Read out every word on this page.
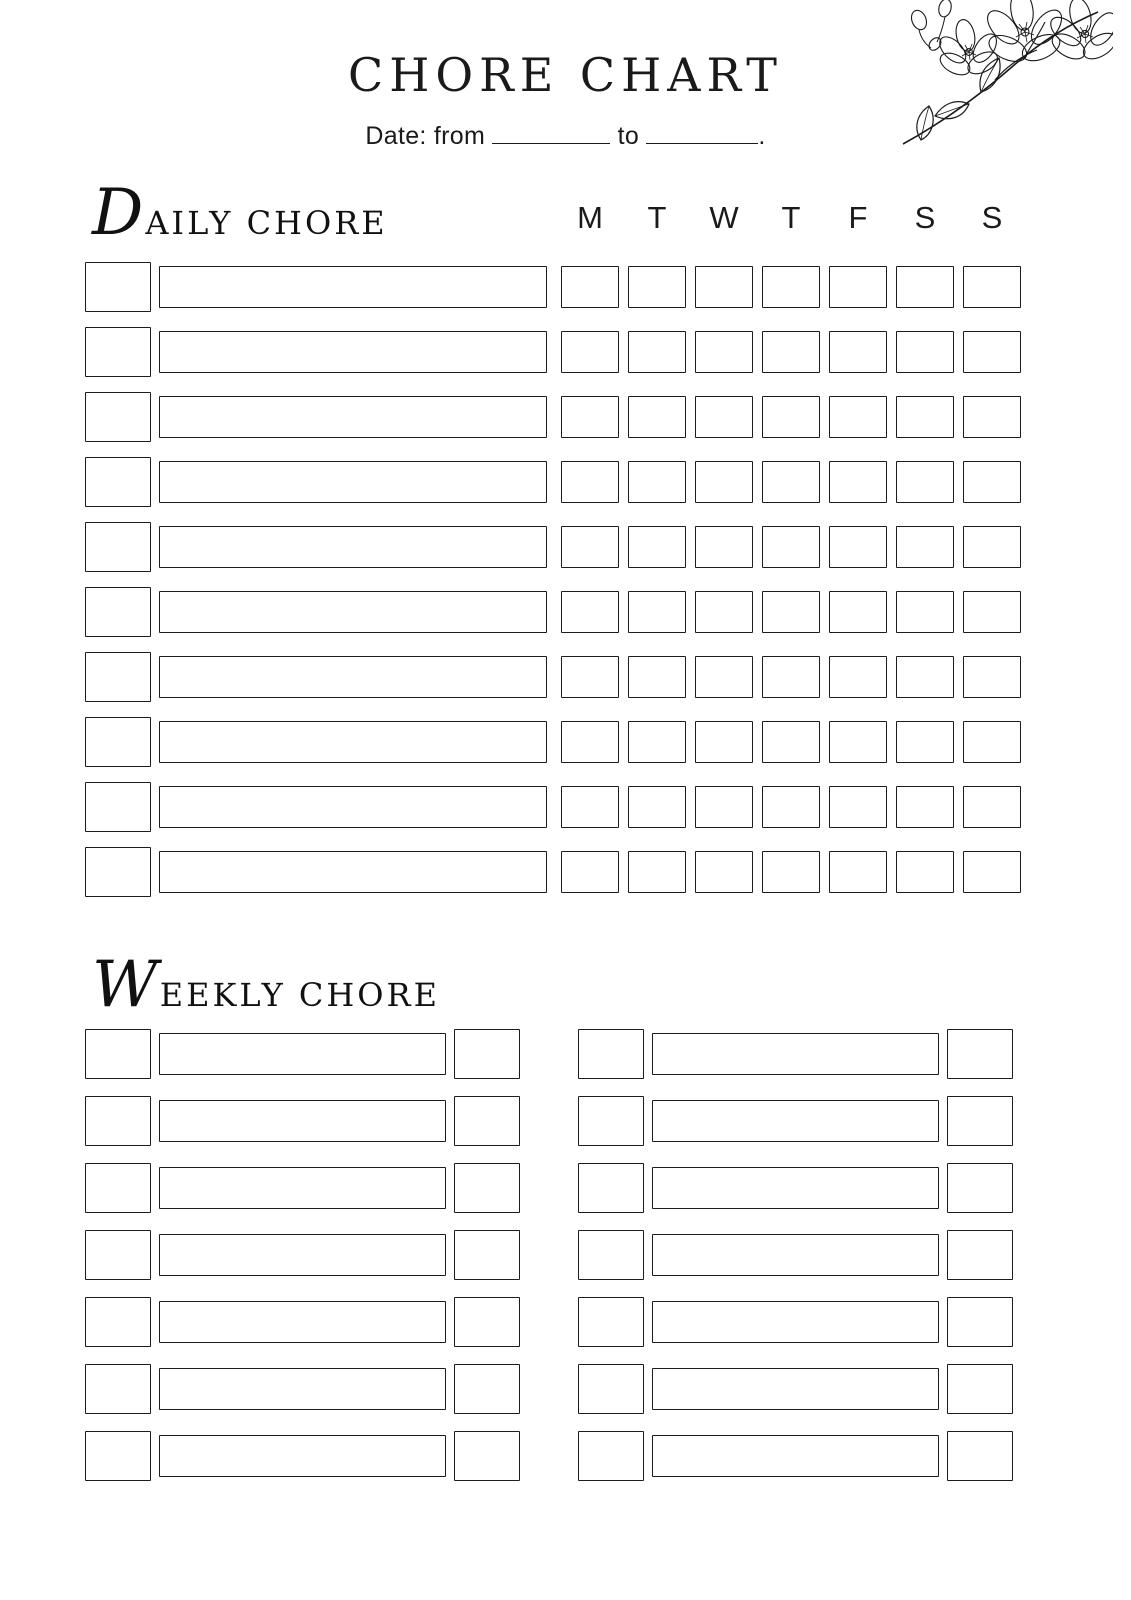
CHORE CHART
Date: from	to	.
D AILY CHORE	M	T	W	T	F	S	S
W EEKLY CHORE
